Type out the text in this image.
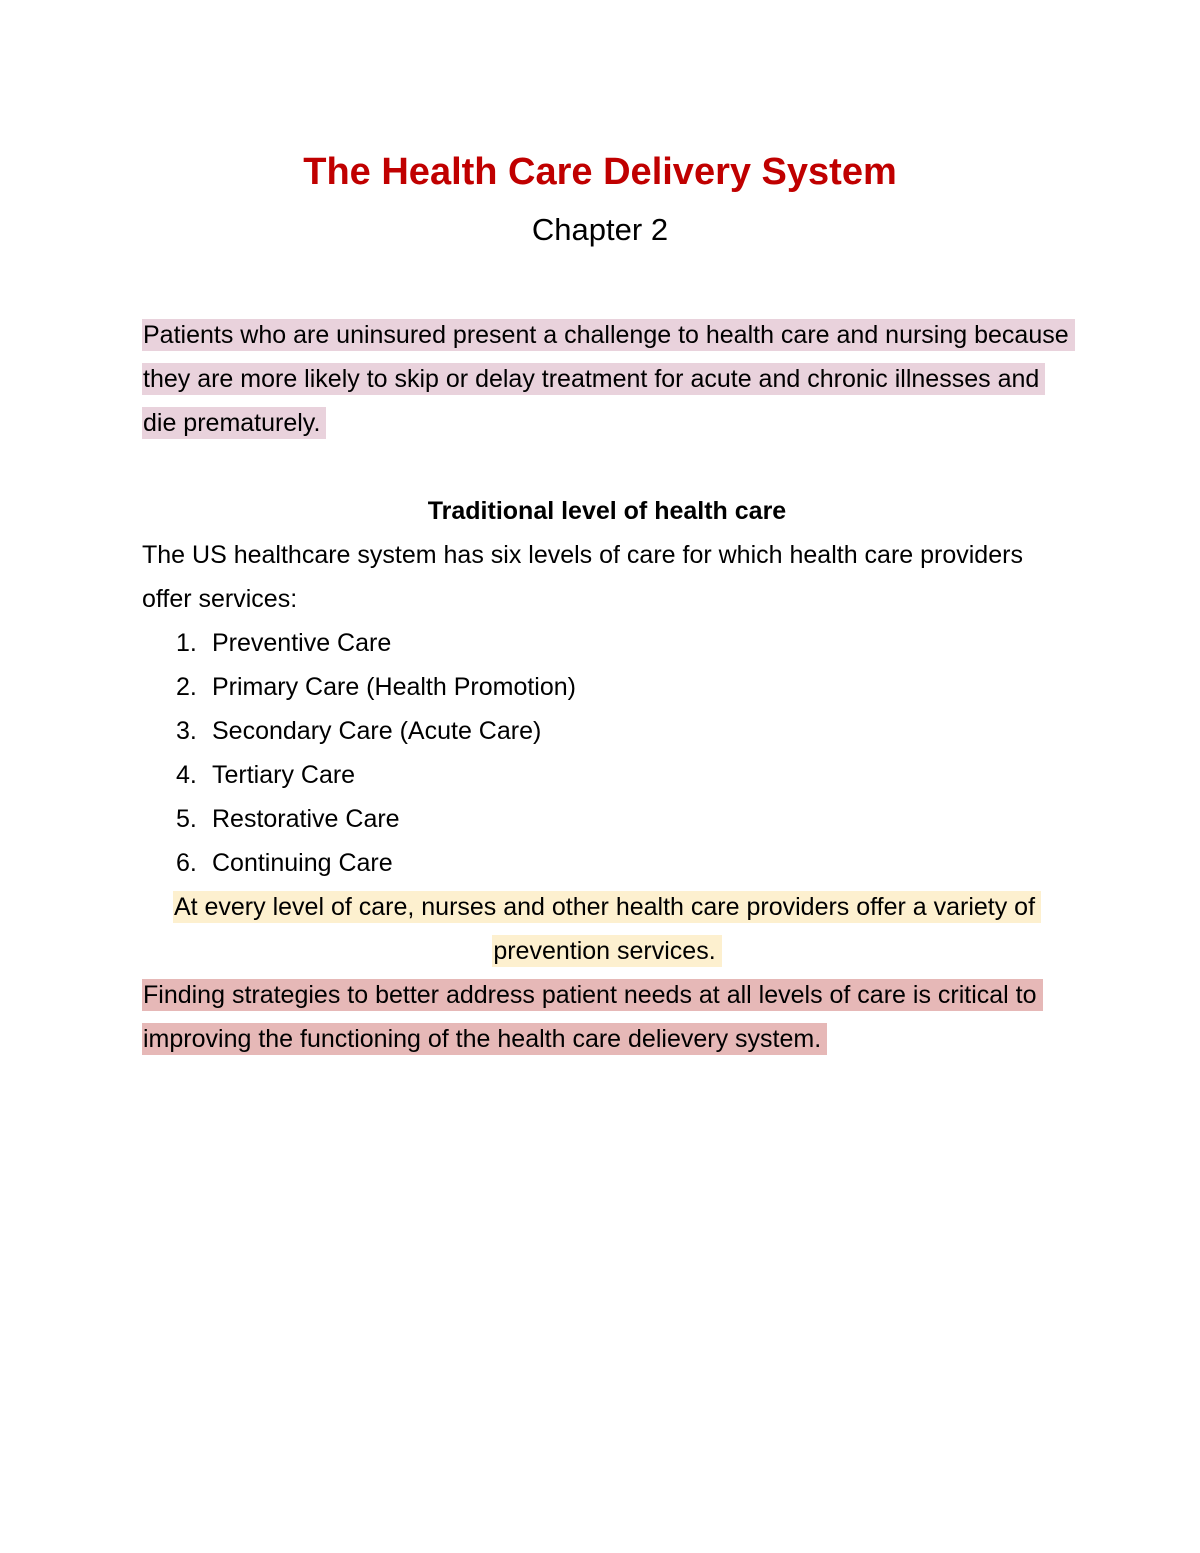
The Health Care Delivery System
Chapter 2

Patients who are uninsured present a challenge to health care and nursing because they are more likely to skip or delay treatment for acute and chronic illnesses and die prematurely.

Traditional level of health care

The US healthcare system has six levels of care for which health care providers offer services:

1. Preventive Care
2. Primary Care (Health Promotion)
3. Secondary Care (Acute Care)
4. Tertiary Care
5. Restorative Care
6. Continuing Care

At every level of care, nurses and other health care providers offer a variety of prevention services.

Finding strategies to better address patient needs at all levels of care is critical to improving the functioning of the health care delievery system.
